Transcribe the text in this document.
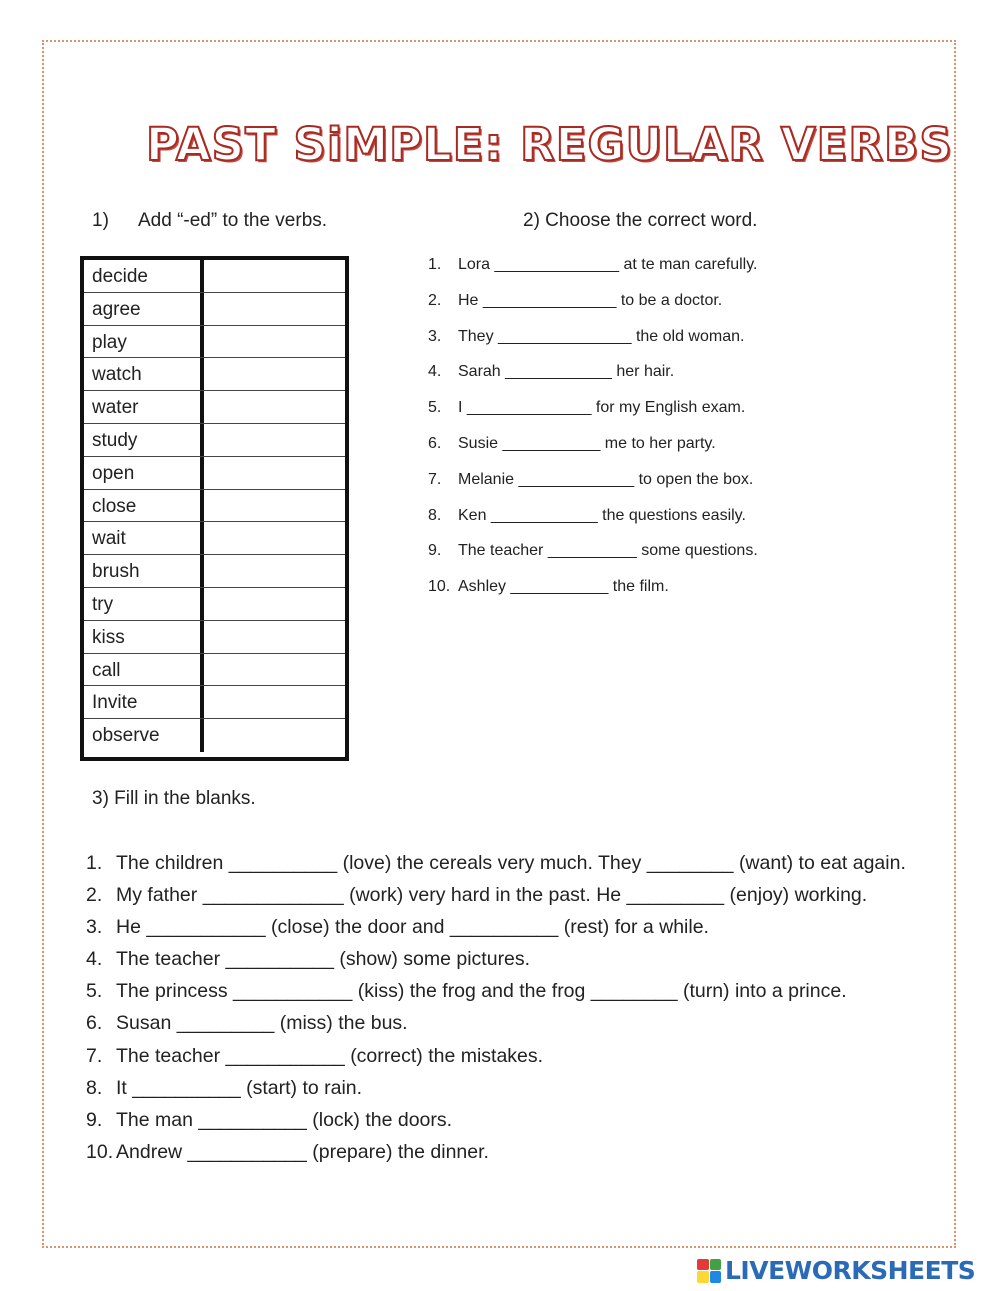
PAST SiMPLE: REGULAR VERBS
1) Add “-ed” to the verbs.	2) Choose the correct word.
decide
agree
play
watch
water
study
open
close
wait
brush
try
kiss
call
Invite
observe
1. Lora ______________ at te man carefully.
2. He _______________ to be a doctor.
3. They _______________ the old woman.
4. Sarah ____________ her hair.
5. I ______________ for my English exam.
6. Susie ___________ me to her party.
7. Melanie _____________ to open the box.
8. Ken ____________ the questions easily.
9. The teacher __________ some questions.
10. Ashley ___________ the film.
3) Fill in the blanks.
1. The children __________ (love) the cereals very much. They ________ (want) to eat again.
2. My father _____________ (work) very hard in the past. He _________ (enjoy) working.
3. He ___________ (close) the door and __________ (rest) for a while.
4. The teacher __________ (show) some pictures.
5. The princess ___________ (kiss) the frog and the frog ________ (turn) into a prince.
6. Susan _________ (miss) the bus.
7. The teacher ___________ (correct) the mistakes.
8. It __________ (start) to rain.
9. The man __________ (lock) the doors.
10. Andrew ___________ (prepare) the dinner.
LIVEWORKSHEETS
